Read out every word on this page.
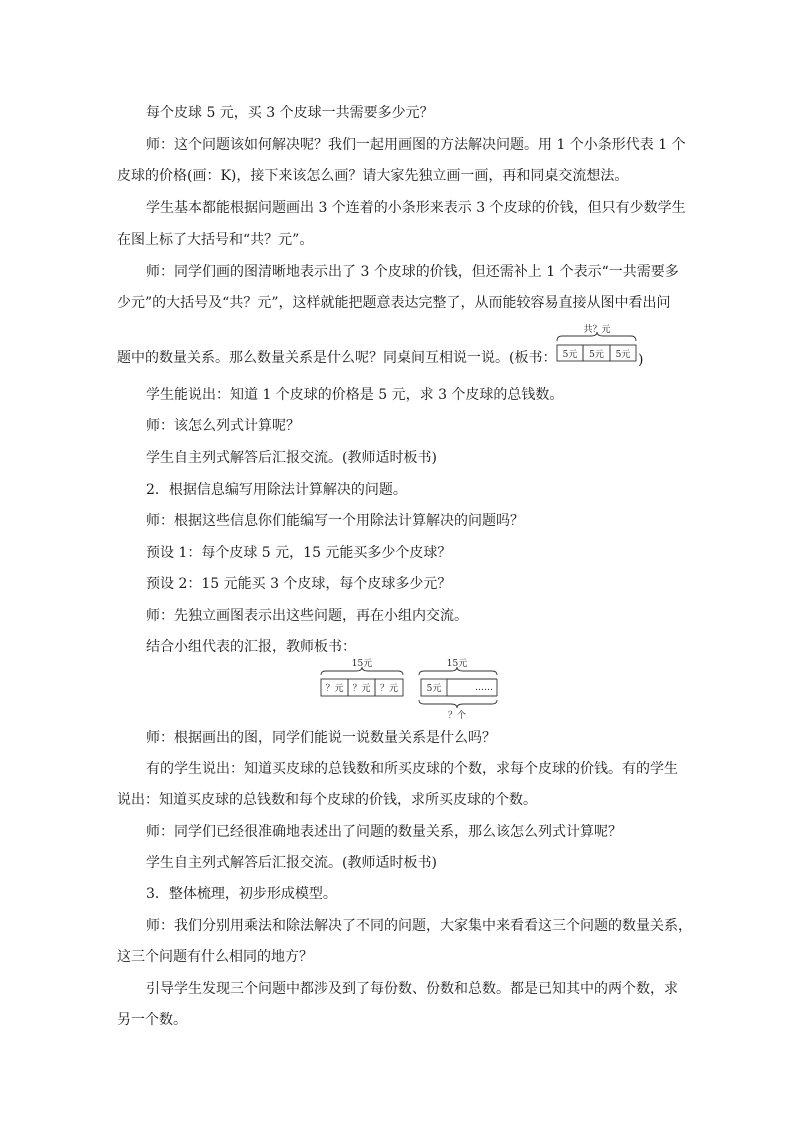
每个皮球 5 元，买 3 个皮球一共需要多少元？
师：这个问题该如何解决呢？我们一起用画图的方法解决问题。用 1 个小条形代表 1 个
皮球的价格(画：K)，接下来该怎么画？请大家先独立画一画，再和同桌交流想法。
学生基本都能根据问题画出 3 个连着的小条形来表示 3 个皮球的价钱，但只有少数学生
在图上标了大括号和“共？元”。
师：同学们画的图清晰地表示出了 3 个皮球的价钱，但还需补上 1 个表示“一共需要多
少元”的大括号及“共？元”，这样就能把题意表达完整了，从而能较容易直接从图中看出问
题中的数量关系。那么数量关系是什么呢？同桌间互相说一说。(板书：
共？元
5元 5元 5元 )
学生能说出：知道 1 个皮球的价格是 5 元，求 3 个皮球的总钱数。
师：该怎么列式计算呢？
学生自主列式解答后汇报交流。(教师适时板书)
2．根据信息编写用除法计算解决的问题。
师：根据这些信息你们能编写一个用除法计算解决的问题吗？
预设 1：每个皮球 5 元，15 元能买多少个皮球？
预设 2：15 元能买 3 个皮球，每个皮球多少元？
师：先独立画图表示出这些问题，再在小组内交流。
结合小组代表的汇报，教师板书：
15元
？元 ？元 ？元
15元
5元	……
？个
师：根据画出的图，同学们能说一说数量关系是什么吗？
有的学生说出：知道买皮球的总钱数和所买皮球的个数，求每个皮球的价钱。有的学生
说出：知道买皮球的总钱数和每个皮球的价钱，求所买皮球的个数。
师：同学们已经很准确地表述出了问题的数量关系，那么该怎么列式计算呢？
学生自主列式解答后汇报交流。(教师适时板书)
3．整体梳理，初步形成模型。
师：我们分别用乘法和除法解决了不同的问题，大家集中来看看这三个问题的数量关系，
这三个问题有什么相同的地方？
引导学生发现三个问题中都涉及到了每份数、份数和总数。都是已知其中的两个数，求
另一个数。
